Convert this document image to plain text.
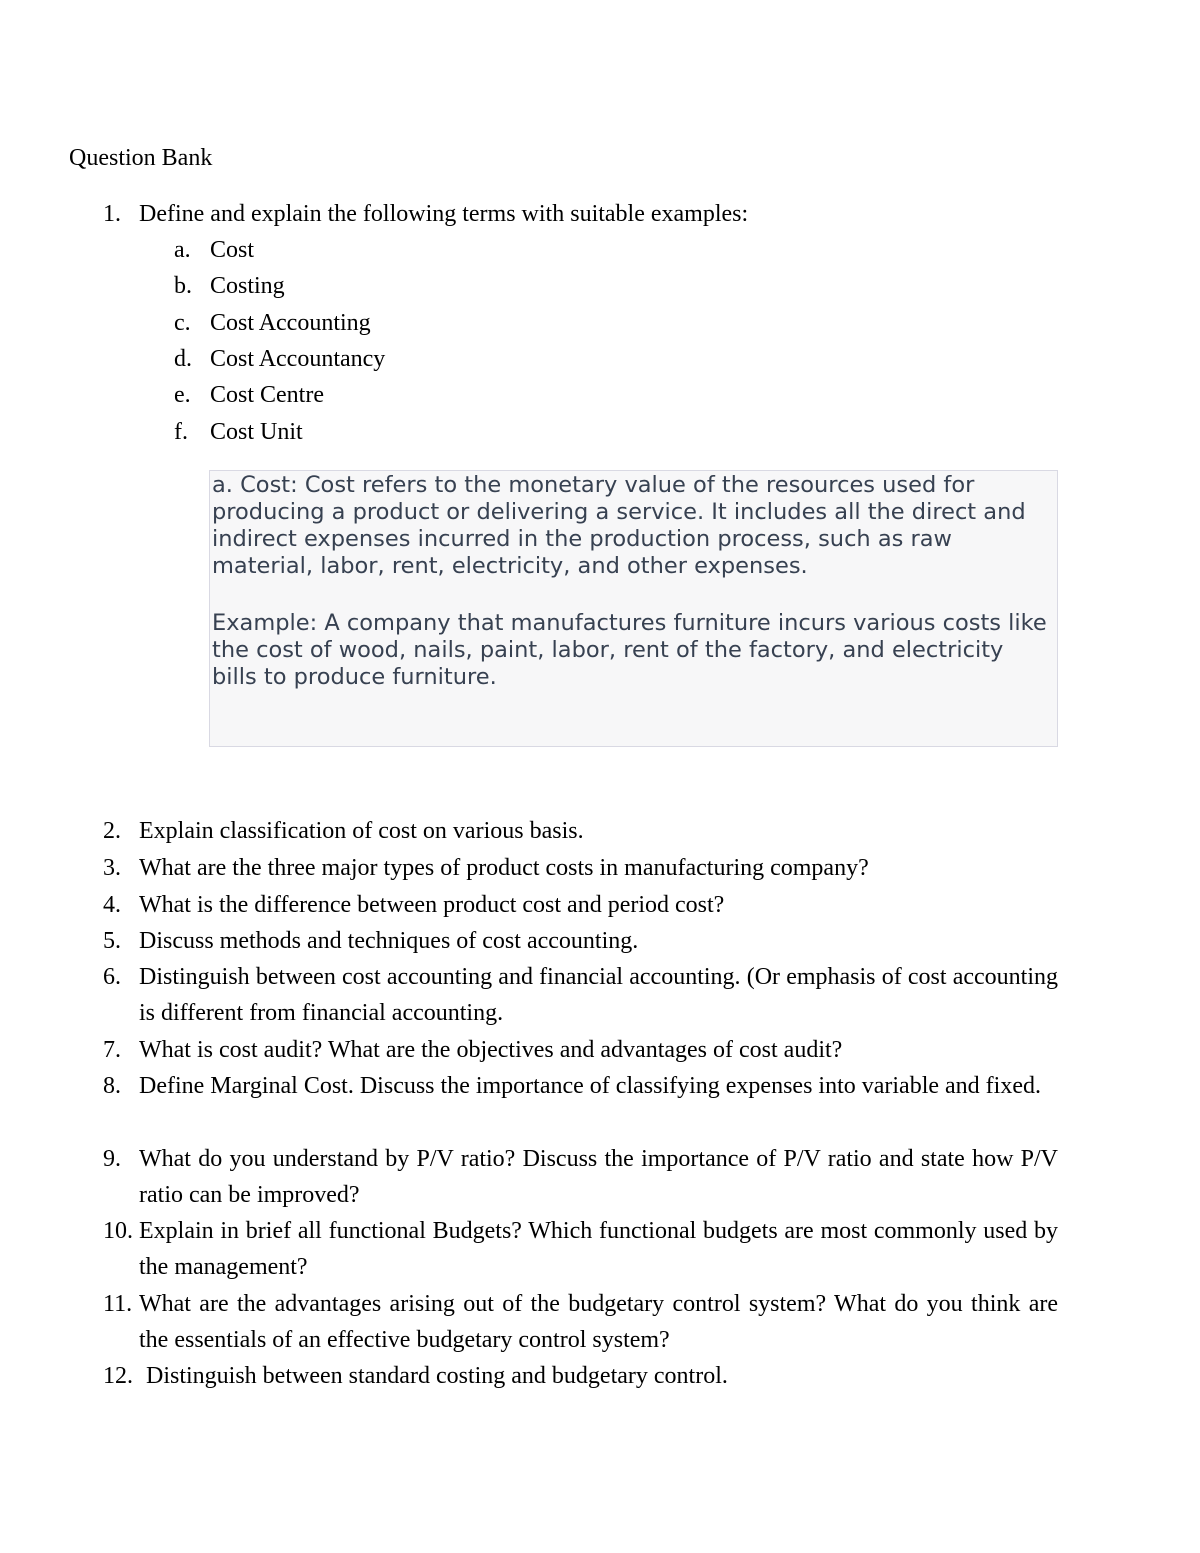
Question Bank
1. Define and explain the following terms with suitable examples:
a. Cost
b. Costing
c. Cost Accounting
d. Cost Accountancy
e. Cost Centre
f. Cost Unit

a. Cost: Cost refers to the monetary value of the resources used for producing a product or delivering a service. It includes all the direct and indirect expenses incurred in the production process, such as raw material, labor, rent, electricity, and other expenses.

Example: A company that manufactures furniture incurs various costs like the cost of wood, nails, paint, labor, rent of the factory, and electricity bills to produce furniture.

2. Explain classification of cost on various basis.
3. What are the three major types of product costs in manufacturing company?
4. What is the difference between product cost and period cost?
5. Discuss methods and techniques of cost accounting.
6. Distinguish between cost accounting and financial accounting. (Or emphasis of cost accounting is different from financial accounting.
7. What is cost audit? What are the objectives and advantages of cost audit?
8. Define Marginal Cost. Discuss the importance of classifying expenses into variable and fixed.
9. What do you understand by P/V ratio? Discuss the importance of P/V ratio and state how P/V ratio can be improved?
10. Explain in brief all functional Budgets? Which functional budgets are most commonly used by the management?
11. What are the advantages arising out of the budgetary control system? What do you think are the essentials of an effective budgetary control system?
12. Distinguish between standard costing and budgetary control.
